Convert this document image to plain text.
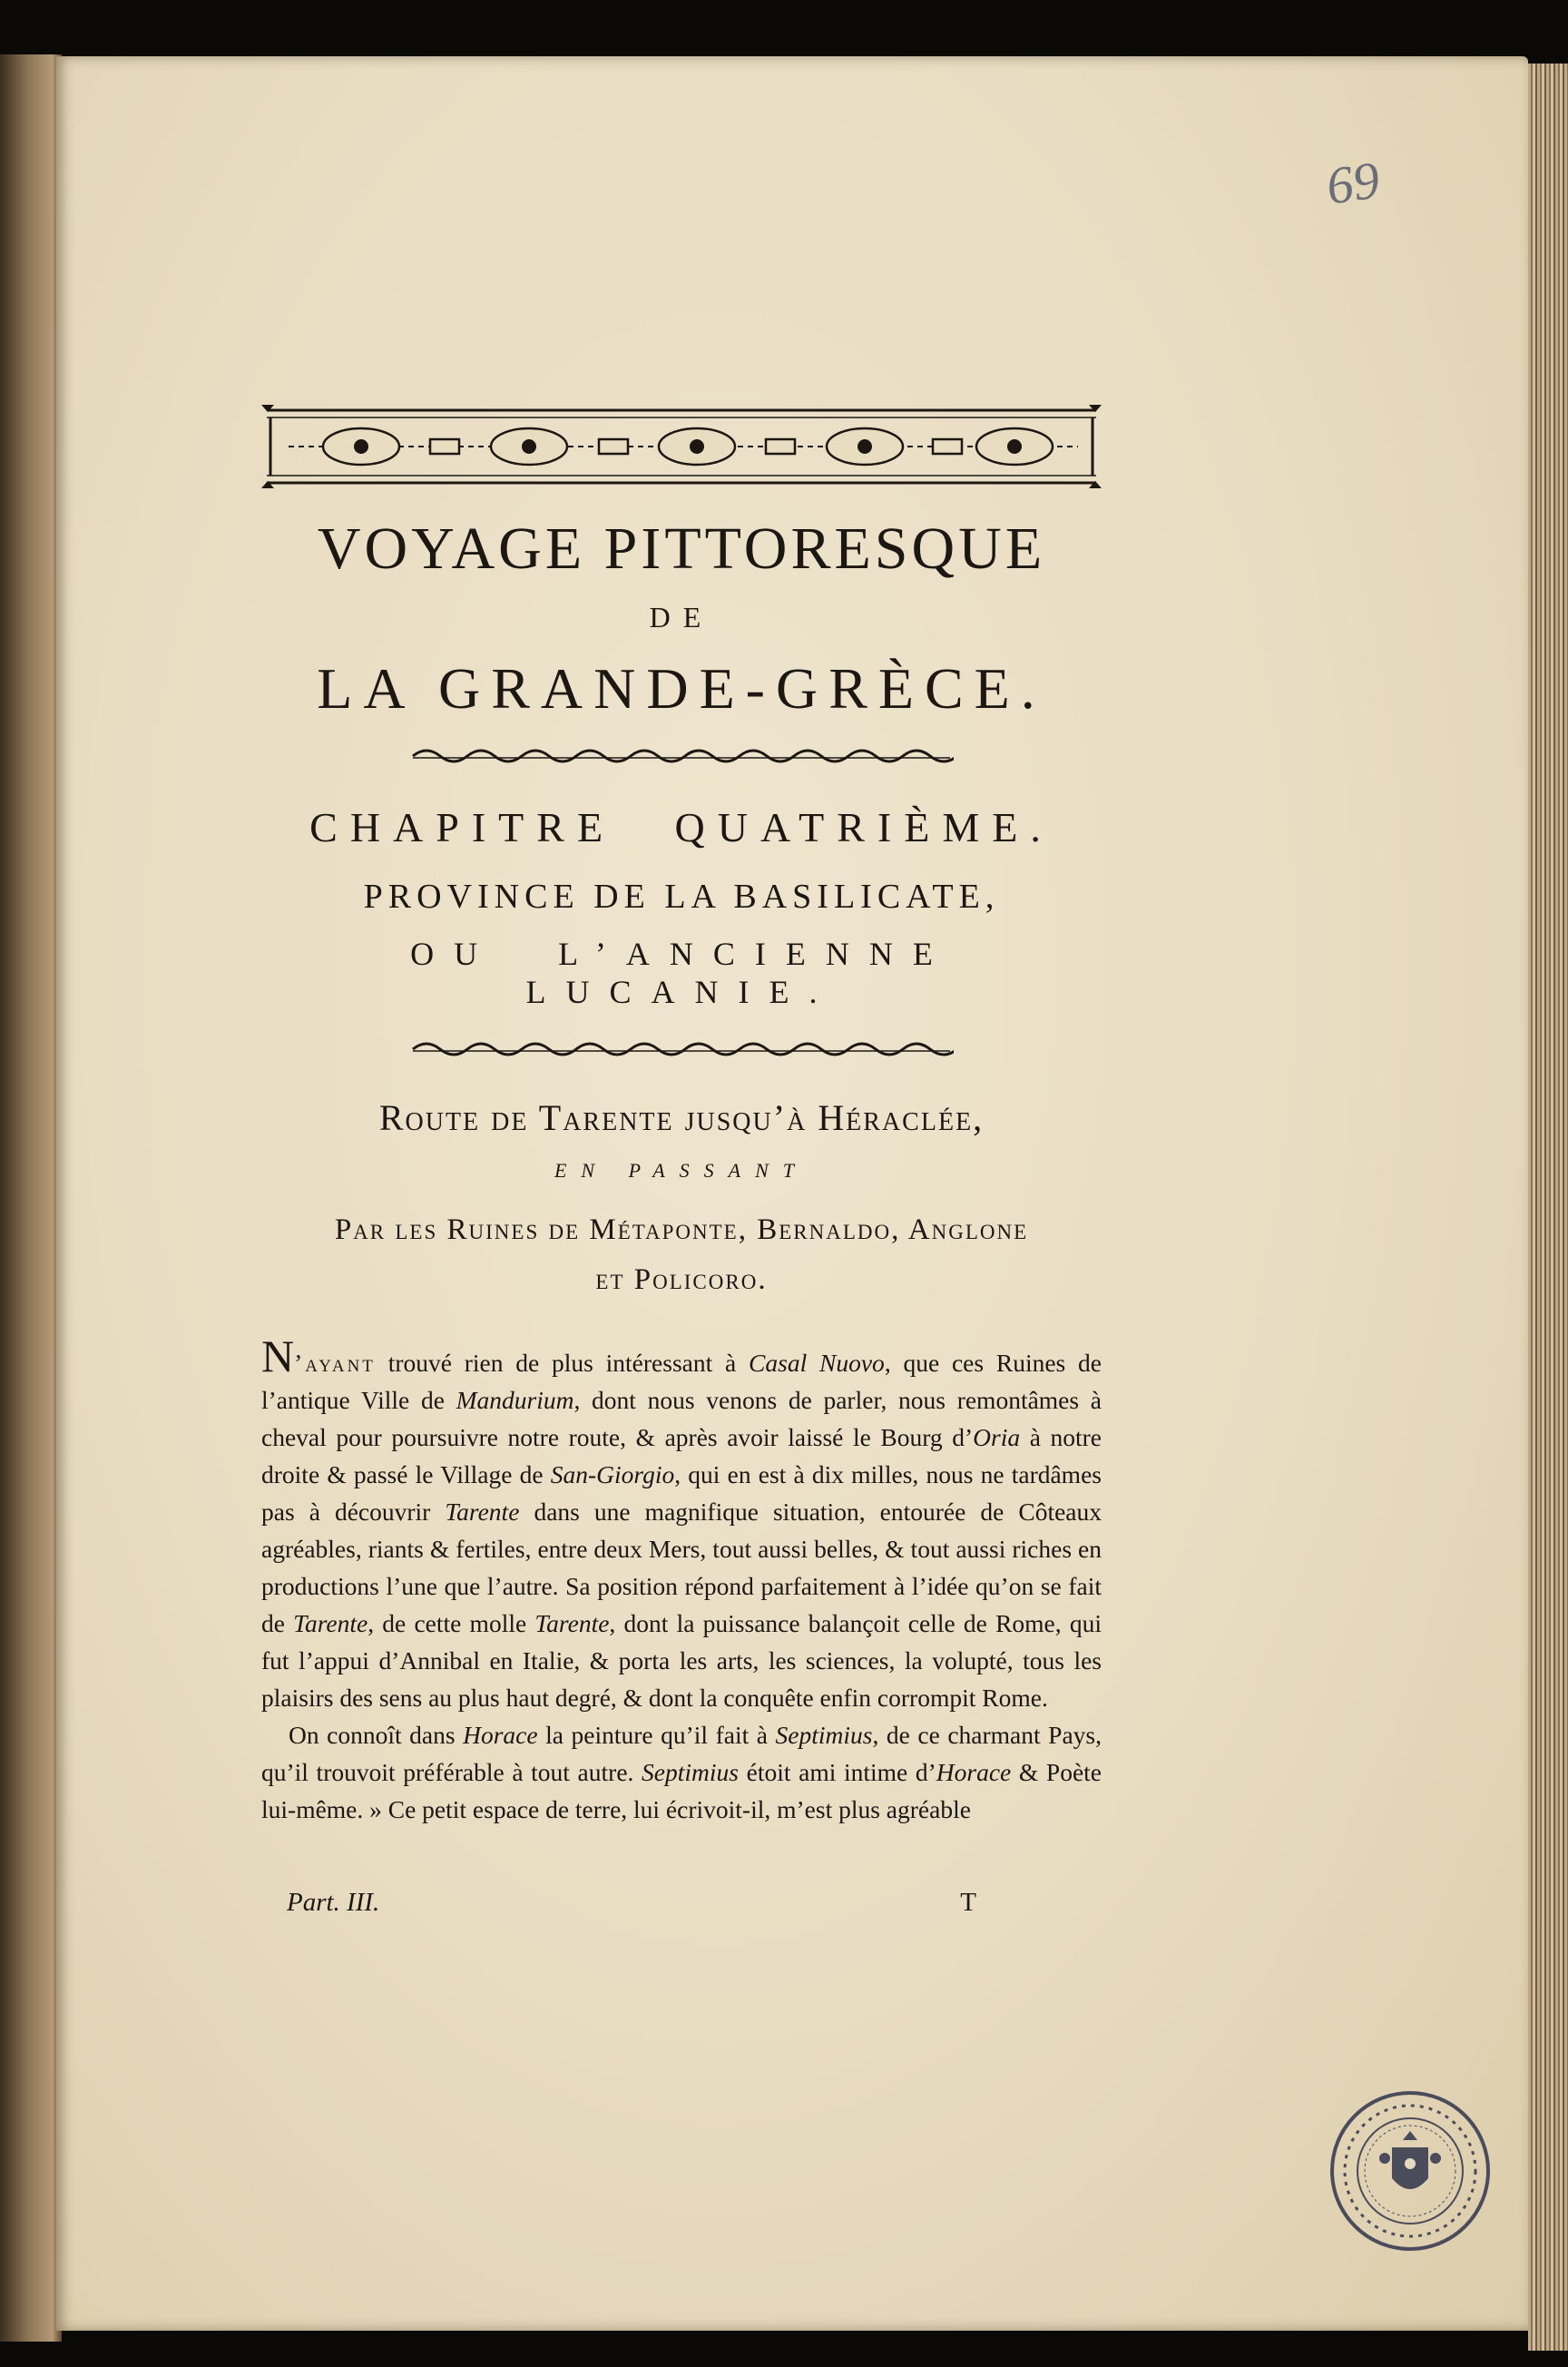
69
VOYAGE PITTORESQUE
DE
LA GRANDE-GRÈCE.
CHAPITRE QUATRIÈME.
PROVINCE DE LA BASILICATE,
OU L’ANCIENNE LUCANIE.
Route de Tarente jusqu’à Héraclée,
EN PASSANT
Par les Ruines de Métaponte, Bernaldo, Anglone
et Policoro.

N’ayant trouvé rien de plus intéressant à Casal Nuovo, que ces Ruines de l’antique Ville de Mandurium, dont nous venons de parler, nous remontâmes à cheval pour poursuivre notre route, & après avoir laissé le Bourg d’Oria à notre droite & passé le Village de San-Giorgio, qui en est à dix milles, nous ne tardâmes pas à découvrir Tarente dans une magnifique situation, entourée de Côteaux agréables, riants & fertiles, entre deux Mers, tout aussi belles, & tout aussi riches en productions l’une que l’autre. Sa position répond parfaitement à l’idée qu’on se fait de Tarente, de cette molle Tarente, dont la puissance balançoit celle de Rome, qui fut l’appui d’Annibal en Italie, & porta les arts, les sciences, la volupté, tous les plaisirs des sens au plus haut degré, & dont la conquête enfin corrompit Rome.

On connoît dans Horace la peinture qu’il fait à Septimius, de ce charmant Pays, qu’il trouvoit préférable à tout autre. Septimius étoit ami intime d’Horace & Poète lui-même. » Ce petit espace de terre, lui écrivoit-il, m’est plus agréable

Part. III.	T
